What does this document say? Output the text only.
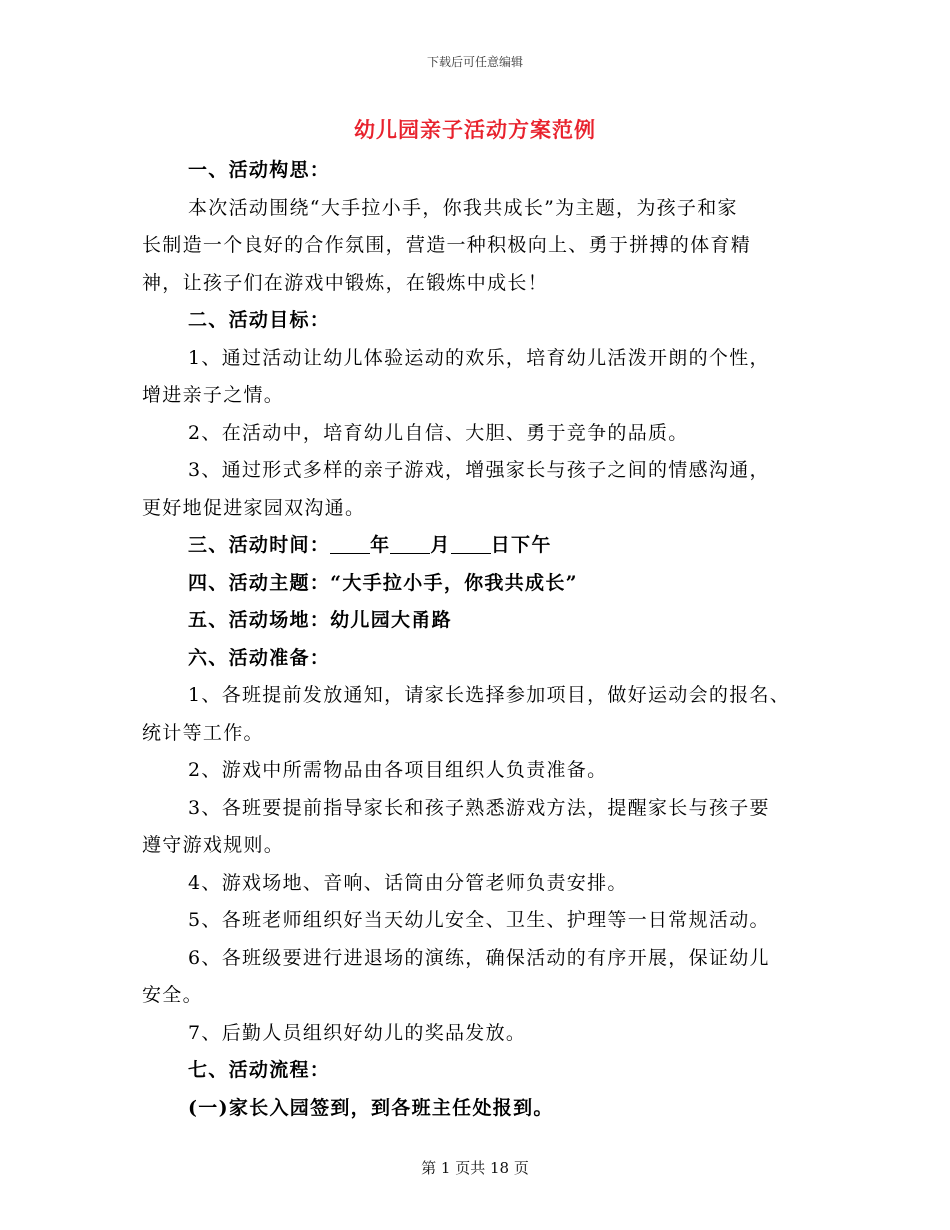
下载后可任意编辑
幼儿园亲子活动方案范例
一、活动构思：
本次活动围绕“大手拉小手，你我共成长”为主题，为孩子和家
长制造一个良好的合作氛围，营造一种积极向上、勇于拼搏的体育精
神，让孩子们在游戏中锻炼，在锻炼中成长！
二、活动目标：
1、通过活动让幼儿体验运动的欢乐，培育幼儿活泼开朗的个性，
增进亲子之情。
2、在活动中，培育幼儿自信、大胆、勇于竞争的品质。
3、通过形式多样的亲子游戏，增强家长与孩子之间的情感沟通，
更好地促进家园双沟通。
三、活动时间： 年 月 日下午
四、活动主题：“大手拉小手，你我共成长”
五、活动场地：幼儿园大甬路
六、活动准备：
1、各班提前发放通知，请家长选择参加项目，做好运动会的报名、
统计等工作。
2、游戏中所需物品由各项目组织人负责准备。
3、各班要提前指导家长和孩子熟悉游戏方法，提醒家长与孩子要
遵守游戏规则。
4、游戏场地、音响、话筒由分管老师负责安排。
5、各班老师组织好当天幼儿安全、卫生、护理等一日常规活动。
6、各班级要进行进退场的演练，确保活动的有序开展，保证幼儿
安全。
7、后勤人员组织好幼儿的奖品发放。
七、活动流程：
(一)家长入园签到，到各班主任处报到。
第 1 页共 18 页
